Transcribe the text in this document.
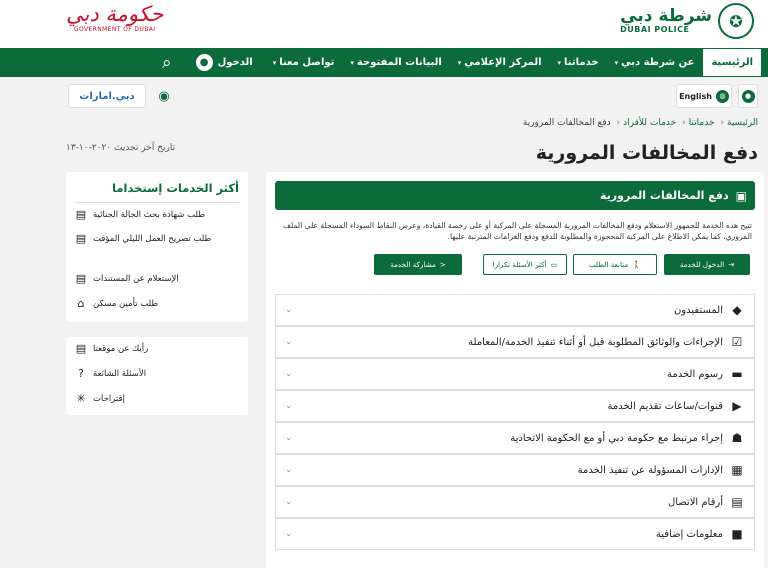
✪
شرطة دبي
DUBAI POLICE
حكومة دبي
GOVERNMENT OF DUBAI
الرئيسية
عن شرطة دبي
▾
خدماتنا
▾
المركز الإعلامي
▾
البيانات المفتوحة
▾
تواصل معنا
▾
الدخول
●
⌕
●
English	◍
◉
دبي.امارات
الرئيسية‹ خدماتنا‹ خدمات للأفراد‹ دفع المخالفات المرورية
تاريخ آخر تحديث ٢٠٢٠-١٠-١٣	دفع المخالفات المرورية
▣
دفع المخالفات المرورية
تتيح هذه الخدمة للجمهور الاستعلام ودفع المخالفات المرورية المسجلة على المركبة أو على رخصة القيادة، وعرض النقاط السوداء المسجلة على الملف المروري، كما يمكن الاطلاع على المركبة المحجوزة والمطلوبة للدفع ودفع الغرامات المترتبة عليها.
⇥
الدخول للخدمة
🚶
متابعة الطلب
▭
أكثر الأسئلة تكرارا
<
مشاركة الخدمة
◆
المستفيدون
⌄
☑
الإجراءات والوثائق المطلوبة قبل أو أثناء تنفيذ الخدمة/المعاملة
⌄
▬
رسوم الخدمة
⌄
▶
قنوات/ساعات تقديم الخدمة
⌄
☗
إجراء مرتبط مع حكومة دبي أو مع الحكومة الاتحادية
⌄
▦
الإدارات المسؤولة عن تنفيذ الخدمة
⌄
▤
أرقام الاتصال
⌄
■
معلومات إضافية
⌄
أكثر الخدمات إستخداما
▤ طلب شهادة بحث الحالة الجنائية
▤ طلب تصريح العمل الليلي المؤقت
▤ الإستعلام عن المستندات
⌂ طلب تأمين مسكن
▤ رأيك عن موقعنا
?	الأسئلة الشائعة
✳ إقتراحات
